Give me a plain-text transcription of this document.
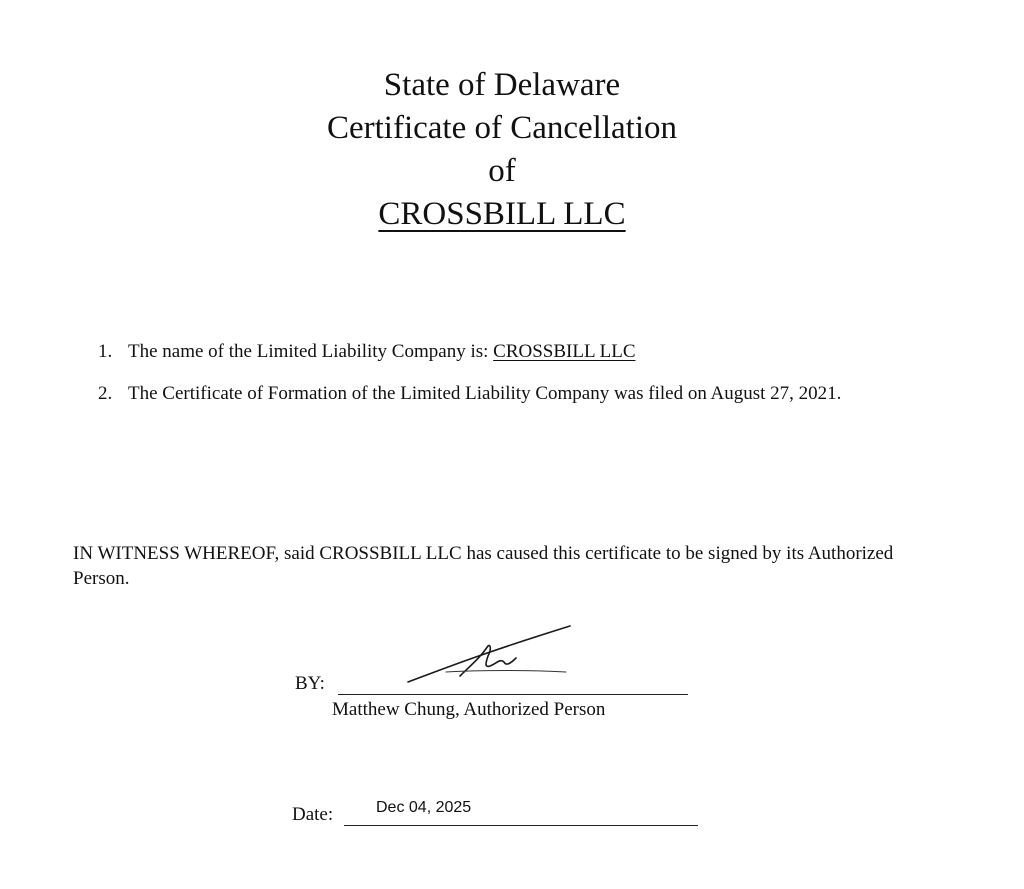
State of Delaware
Certificate of Cancellation
of
CROSSBILL LLC
1. The name of the Limited Liability Company is: CROSSBILL LLC
2. The Certificate of Formation of the Limited Liability Company was filed on August 27, 2021.
IN WITNESS WHEREOF, said CROSSBILL LLC has caused this certificate to be signed by its Authorized Person.
BY:
Matthew Chung, Authorized Person
Date:	Dec 04, 2025
